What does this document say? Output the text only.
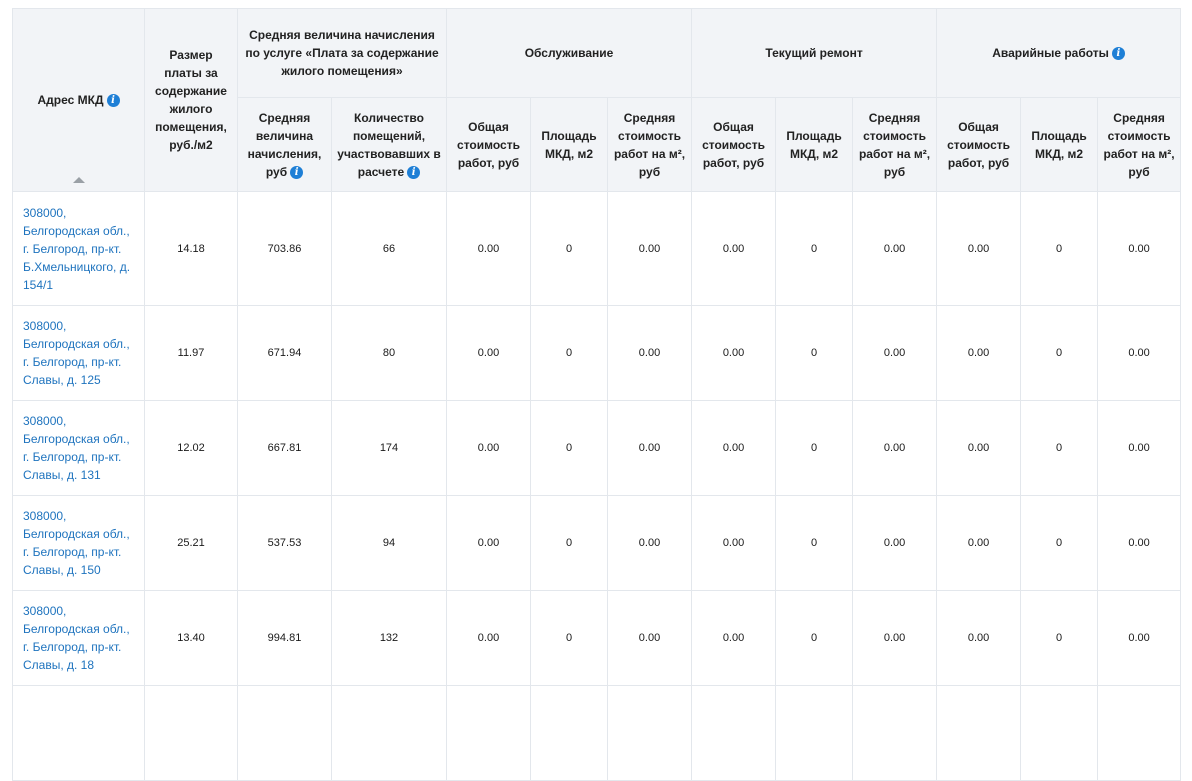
Адрес МКД i	Размер платы за содержание жилого помещения, руб./м2	Средняя величина начисления по услуге «Плата за содержание жилого помещения»		Обслуживание			Текущий ремонт			Аварийные работы i		
		Средняя величина начисления, руб i	Количество помещений, участвовавших в расчете i	Общая стоимость работ, руб	Площадь МКД, м2	Средняя стоимость работ на м², руб	Общая стоимость работ, руб	Площадь МКД, м2	Средняя стоимость работ на м², руб	Общая стоимость работ, руб	Площадь МКД, м2	Средняя стоимость работ на м², руб
308000, Белгородская обл., г. Белгород, пр-кт. Б.Хмельницкого, д. 154/1	14.18	703.86	66	0.00	0	0.00	0.00	0	0.00	0.00	0	0.00
308000, Белгородская обл., г. Белгород, пр-кт. Славы, д. 125	11.97	671.94	80	0.00	0	0.00	0.00	0	0.00	0.00	0	0.00
308000, Белгородская обл., г. Белгород, пр-кт. Славы, д. 131	12.02	667.81	174	0.00	0	0.00	0.00	0	0.00	0.00	0	0.00
308000, Белгородская обл., г. Белгород, пр-кт. Славы, д. 150	25.21	537.53	94	0.00	0	0.00	0.00	0	0.00	0.00	0	0.00
308000, Белгородская обл., г. Белгород, пр-кт. Славы, д. 18	13.40	994.81	132	0.00	0	0.00	0.00	0	0.00	0.00	0	0.00
